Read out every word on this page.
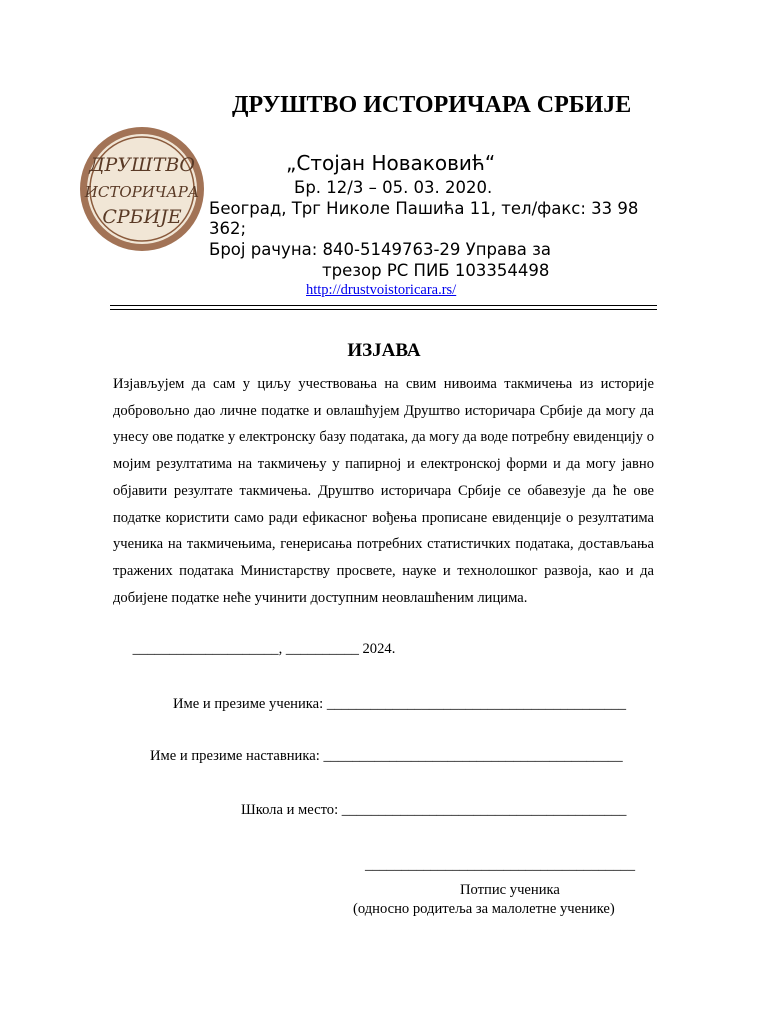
ДРУШТВО
ИСТОРИЧАРА
СРБИЈЕ
ДРУШТВО ИСТОРИЧАРА СРБИЈЕ
„Стојан Новаковић“
Бр. 12/3 – 05. 03. 2020.
Београд, Трг Николе Пашића 11, тел/факс: 33 98
362;
Број рачуна: 840-5149763-29 Управа за
трезор РС ПИБ 103354498
http://drustvoistoricara.rs/
ИЗЈАВА
Изјављујем да сам у циљу учествовања на свим нивоима такмичења из историје добровољно дао личне податке и овлашћујем Друштво историчара Србије да могу да унесу ове податке у електронску базу података, да могу да воде потребну евиденцију о мојим резултатима на такмичењу у папирној и електронској форми и да могу јавно објавити резултате такмичења. Друштво историчара Србије се обавезује да ће ове податке користити само ради ефикасног вођења прописане евиденције о резултатима ученика на такмичењима, генерисања потребних статистичких података, достављања тражених података Министарству просвете, науке и технолошког развоја, као и да добијене податке неће учинити доступним неовлашћеним лицима.
____________________, __________ 2024.
Име и презиме ученика: _________________________________________
Име и презиме наставника: _________________________________________
Школа и место: _______________________________________
_____________________________________
Потпис ученика
(односно родитеља за малолетне ученике)
